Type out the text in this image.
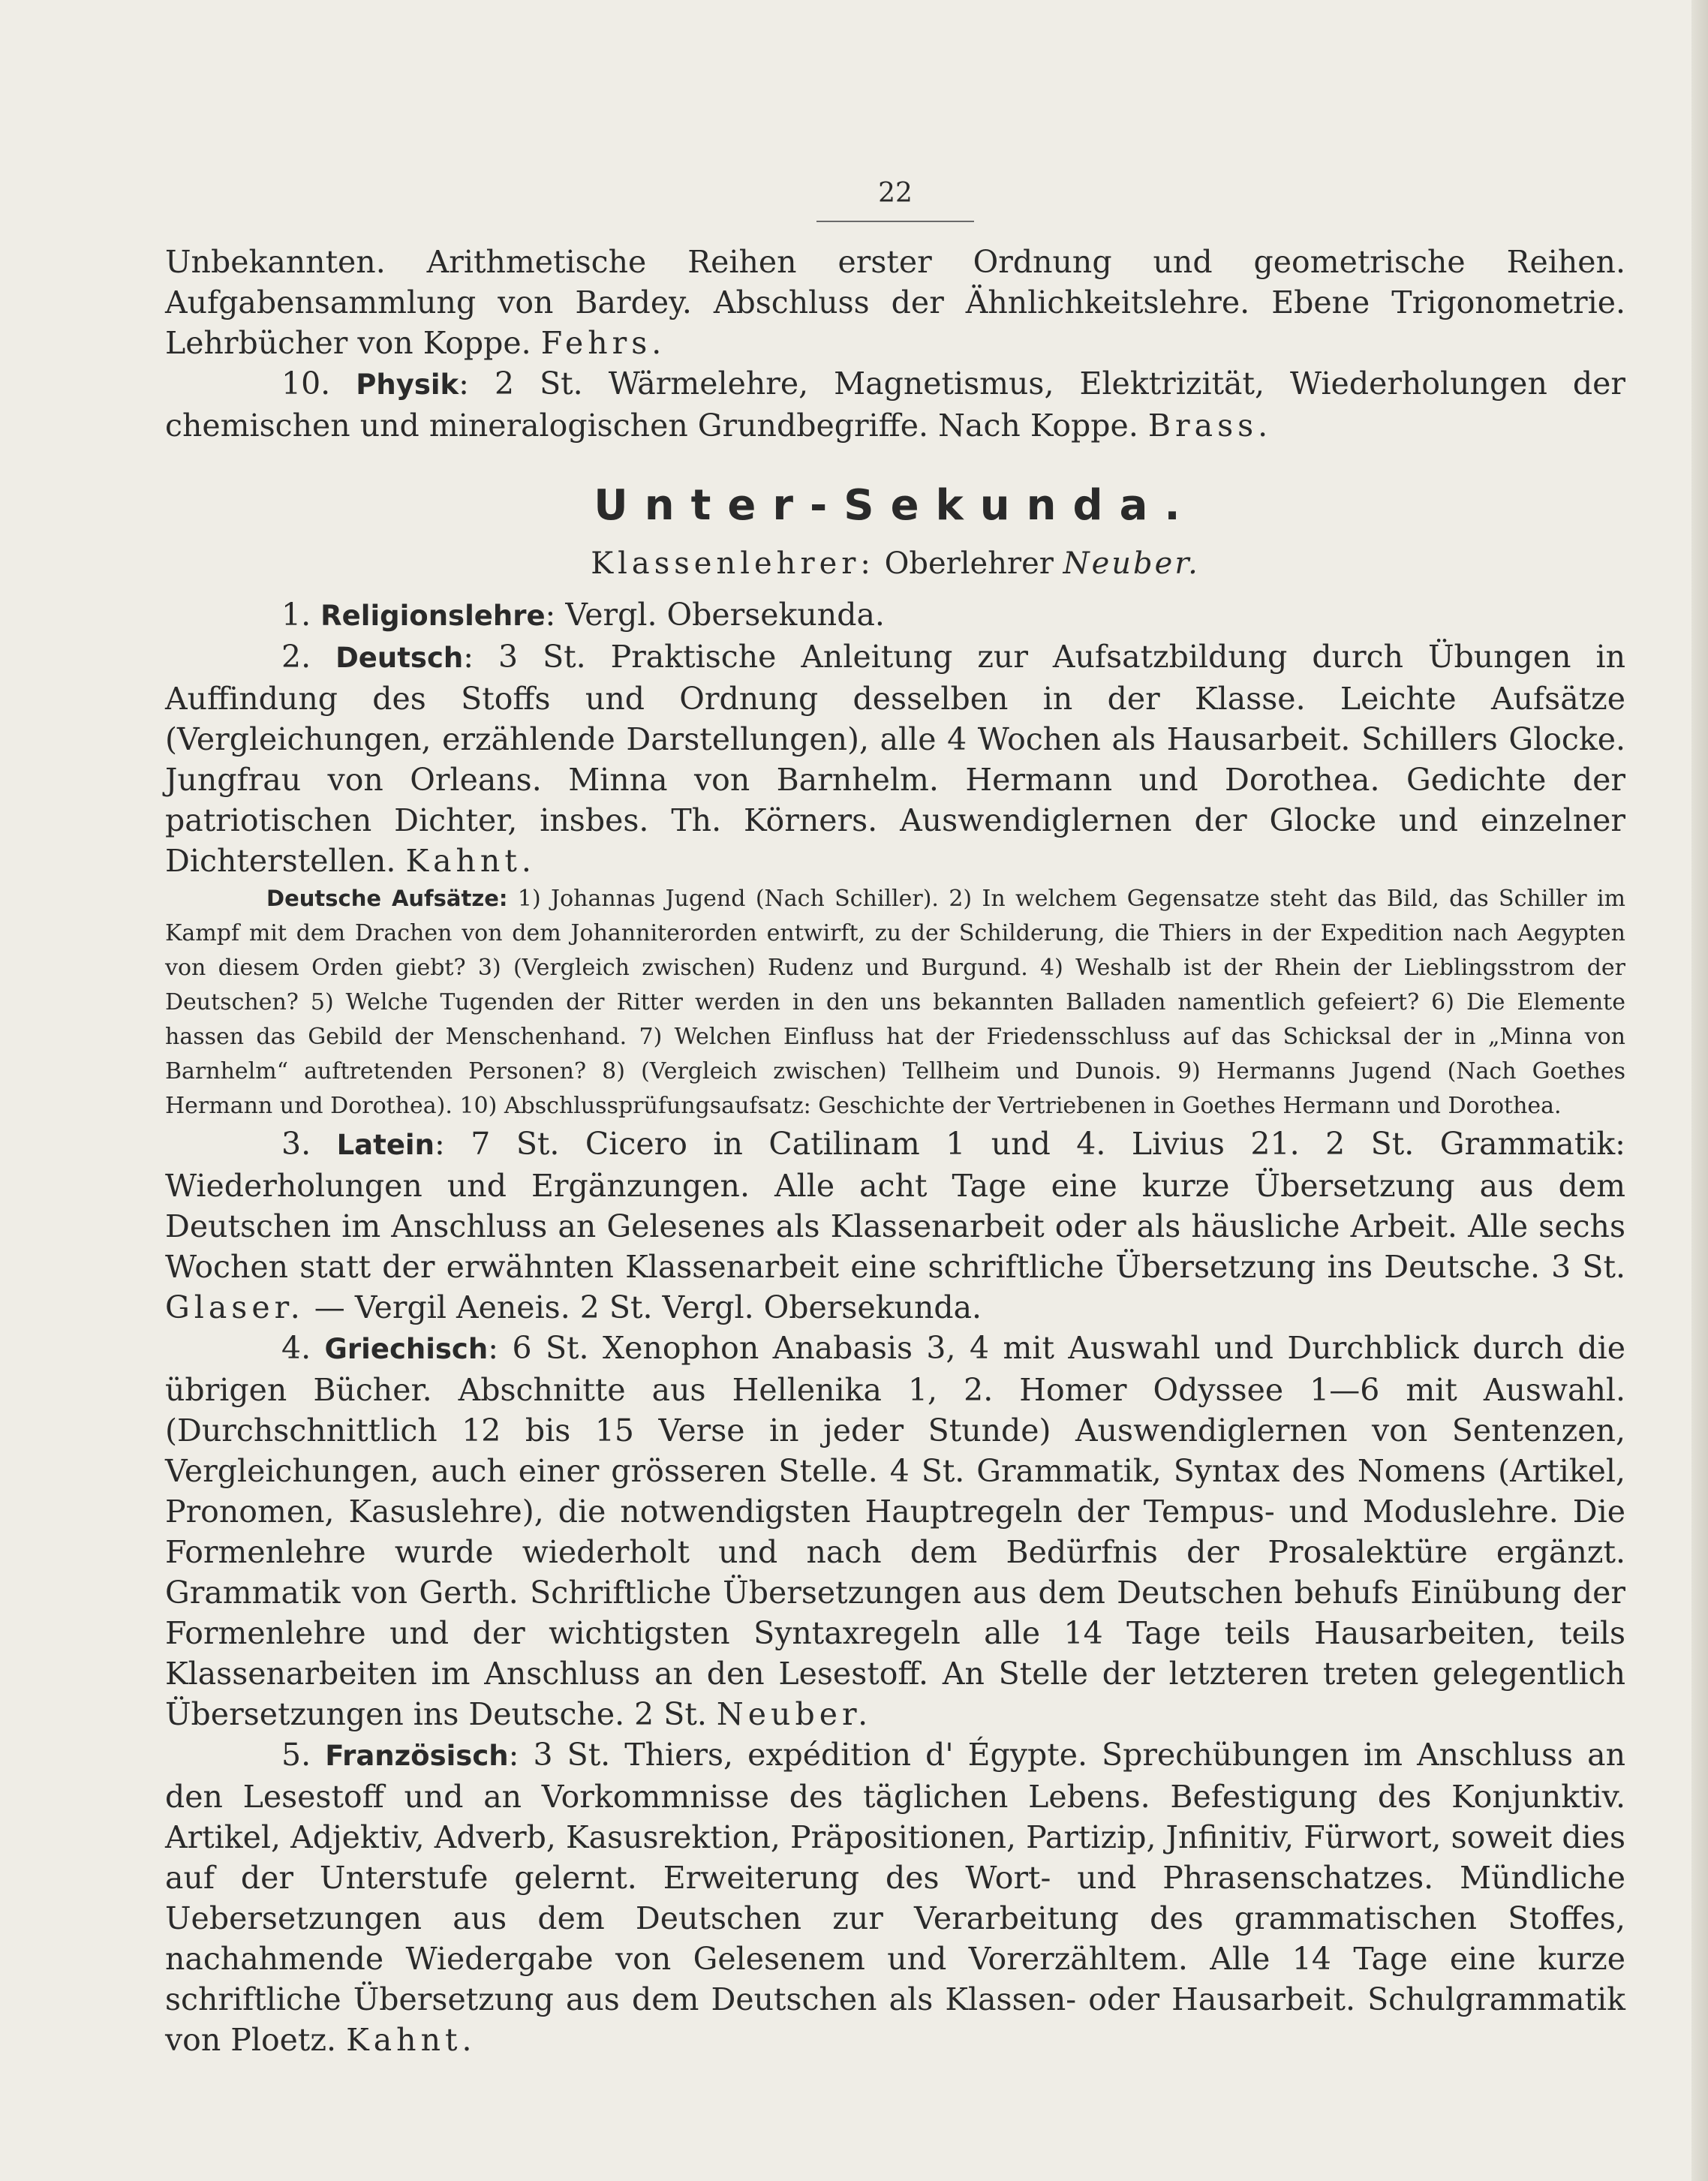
22

Unbekannten. Arithmetische Reihen erster Ordnung und geometrische Reihen. Aufgabensammlung von Bardey. Abschluss der Ähnlichkeitslehre. Ebene Trigonometrie. Lehrbücher von Koppe. Fehrs.

10. Physik: 2 St. Wärmelehre, Magnetismus, Elektrizität, Wiederholungen der chemischen und mineralogischen Grundbegriffe. Nach Koppe. Brass.

Unter-Sekunda.
Klassenlehrer: Oberlehrer Neuber.

1. Religionslehre: Vergl. Obersekunda.

2. Deutsch: 3 St. Praktische Anleitung zur Aufsatzbildung durch Übungen in Auffindung des Stoffs und Ordnung desselben in der Klasse. Leichte Aufsätze (Vergleichungen, erzählende Darstellungen), alle 4 Wochen als Hausarbeit. Schillers Glocke. Jungfrau von Orleans. Minna von Barnhelm. Hermann und Dorothea. Gedichte der patriotischen Dichter, insbes. Th. Körners. Auswendiglernen der Glocke und einzelner Dichterstellen. Kahnt.

Deutsche Aufsätze: 1) Johannas Jugend (Nach Schiller). 2) In welchem Gegensatze steht das Bild, das Schiller im Kampf mit dem Drachen von dem Johanniterorden entwirft, zu der Schilderung, die Thiers in der Expedition nach Aegypten von diesem Orden giebt? 3) (Vergleich zwischen) Rudenz und Burgund. 4) Weshalb ist der Rhein der Lieblingsstrom der Deutschen? 5) Welche Tugenden der Ritter werden in den uns bekannten Balladen namentlich gefeiert? 6) Die Elemente hassen das Gebild der Menschenhand. 7) Welchen Einfluss hat der Friedensschluss auf das Schicksal der in „Minna von Barnhelm“ auftretenden Personen? 8) (Vergleich zwischen) Tellheim und Dunois. 9) Hermanns Jugend (Nach Goethes Hermann und Dorothea). 10) Abschlussprüfungsaufsatz: Geschichte der Vertriebenen in Goethes Hermann und Dorothea.

3. Latein: 7 St. Cicero in Catilinam 1 und 4. Livius 21. 2 St. Grammatik: Wiederholungen und Ergänzungen. Alle acht Tage eine kurze Übersetzung aus dem Deutschen im Anschluss an Gelesenes als Klassenarbeit oder als häusliche Arbeit. Alle sechs Wochen statt der erwähnten Klassenarbeit eine schriftliche Übersetzung ins Deutsche. 3 St. Glaser. — Vergil Aeneis. 2 St. Vergl. Obersekunda.

4. Griechisch: 6 St. Xenophon Anabasis 3, 4 mit Auswahl und Durchblick durch die übrigen Bücher. Abschnitte aus Hellenika 1, 2. Homer Odyssee 1—6 mit Auswahl. (Durchschnittlich 12 bis 15 Verse in jeder Stunde) Auswendiglernen von Sentenzen, Vergleichungen, auch einer grösseren Stelle. 4 St. Grammatik, Syntax des Nomens (Artikel, Pronomen, Kasuslehre), die notwendigsten Hauptregeln der Tempus- und Moduslehre. Die Formenlehre wurde wiederholt und nach dem Bedürfnis der Prosalektüre ergänzt. Grammatik von Gerth. Schriftliche Übersetzungen aus dem Deutschen behufs Einübung der Formenlehre und der wichtigsten Syntaxregeln alle 14 Tage teils Hausarbeiten, teils Klassenarbeiten im Anschluss an den Lesestoff. An Stelle der letzteren treten gelegentlich Übersetzungen ins Deutsche. 2 St. Neuber.

5. Französisch: 3 St. Thiers, expédition d' Égypte. Sprechübungen im Anschluss an den Lesestoff und an Vorkommnisse des täglichen Lebens. Befestigung des Konjunktiv. Artikel, Adjektiv, Adverb, Kasusrektion, Präpositionen, Partizip, Jnfinitiv, Fürwort, soweit dies auf der Unterstufe gelernt. Erweiterung des Wort- und Phrasenschatzes. Mündliche Uebersetzungen aus dem Deutschen zur Verarbeitung des grammatischen Stoffes, nachahmende Wiedergabe von Gelesenem und Vorerzähltem. Alle 14 Tage eine kurze schriftliche Übersetzung aus dem Deutschen als Klassen- oder Hausarbeit. Schulgrammatik von Ploetz. Kahnt.
